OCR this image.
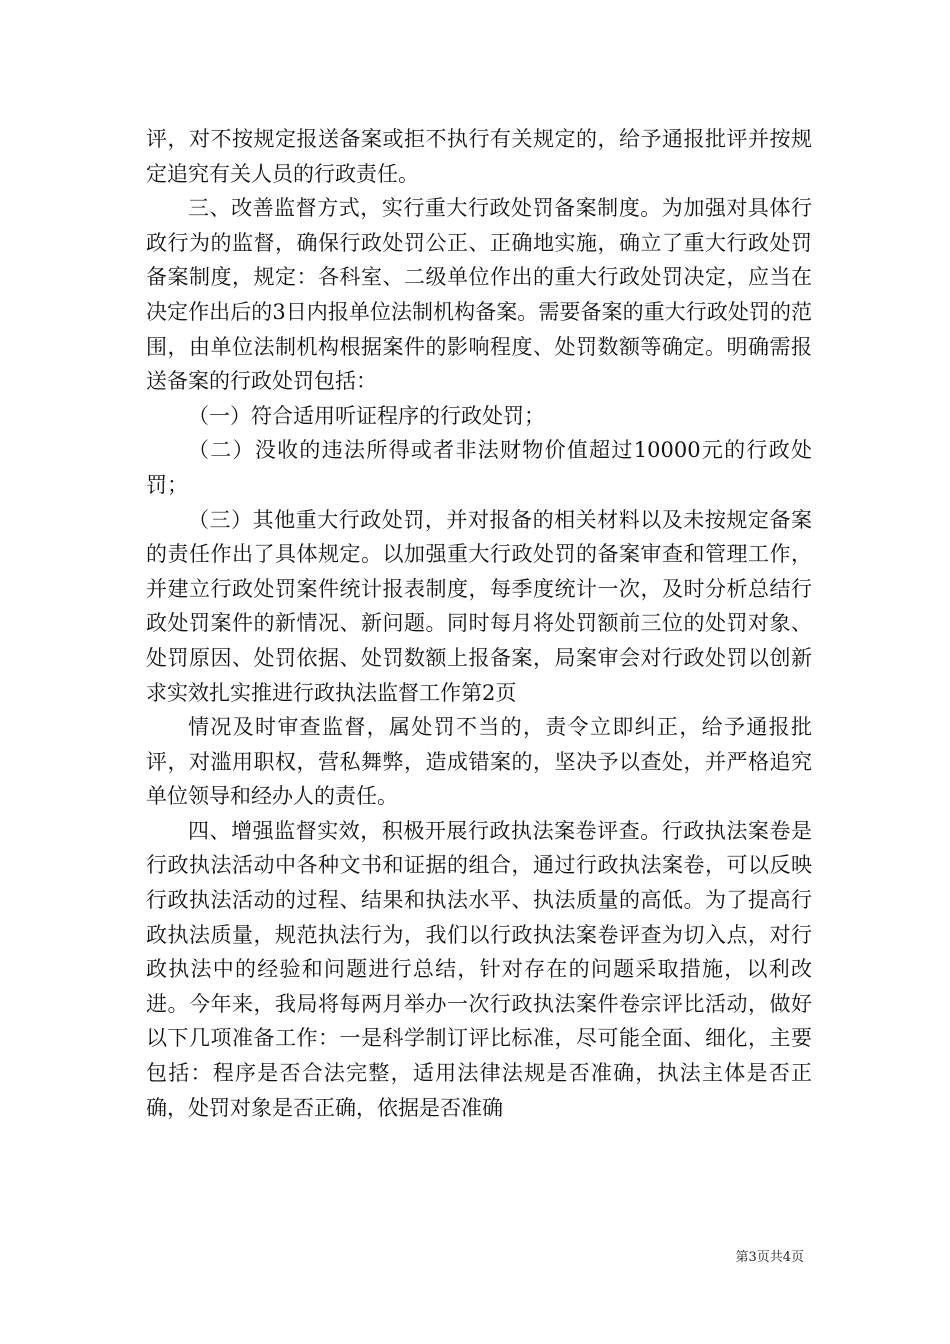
评，对不按规定报送备案或拒不执行有关规定的，给予通报批评并按规定追究有关人员的行政责任。

三、改善监督方式，实行重大行政处罚备案制度。为加强对具体行政行为的监督，确保行政处罚公正、正确地实施，确立了重大行政处罚备案制度，规定：各科室、二级单位作出的重大行政处罚决定，应当在决定作出后的3日内报单位法制机构备案。需要备案的重大行政处罚的范围，由单位法制机构根据案件的影响程度、处罚数额等确定。明确需报送备案的行政处罚包括：

（一）符合适用听证程序的行政处罚；

（二）没收的违法所得或者非法财物价值超过10000元的行政处罚；

（三）其他重大行政处罚，并对报备的相关材料以及未按规定备案的责任作出了具体规定。以加强重大行政处罚的备案审查和管理工作，并建立行政处罚案件统计报表制度，每季度统计一次，及时分析总结行政处罚案件的新情况、新问题。同时每月将处罚额前三位的处罚对象、处罚原因、处罚依据、处罚数额上报备案，局案审会对行政处罚以创新求实效扎实推进行政执法监督工作第2页

情况及时审查监督，属处罚不当的，责令立即纠正，给予通报批评，对滥用职权，营私舞弊，造成错案的，坚决予以查处，并严格追究单位领导和经办人的责任。

四、增强监督实效，积极开展行政执法案卷评查。行政执法案卷是行政执法活动中各种文书和证据的组合，通过行政执法案卷，可以反映行政执法活动的过程、结果和执法水平、执法质量的高低。为了提高行政执法质量，规范执法行为，我们以行政执法案卷评查为切入点，对行政执法中的经验和问题进行总结，针对存在的问题采取措施，以利改进。今年来，我局将每两月举办一次行政执法案件卷宗评比活动，做好以下几项准备工作：一是科学制订评比标准，尽可能全面、细化，主要包括：程序是否合法完整，适用法律法规是否准确，执法主体是否正确，处罚对象是否正确，依据是否准确

第3页共4页
